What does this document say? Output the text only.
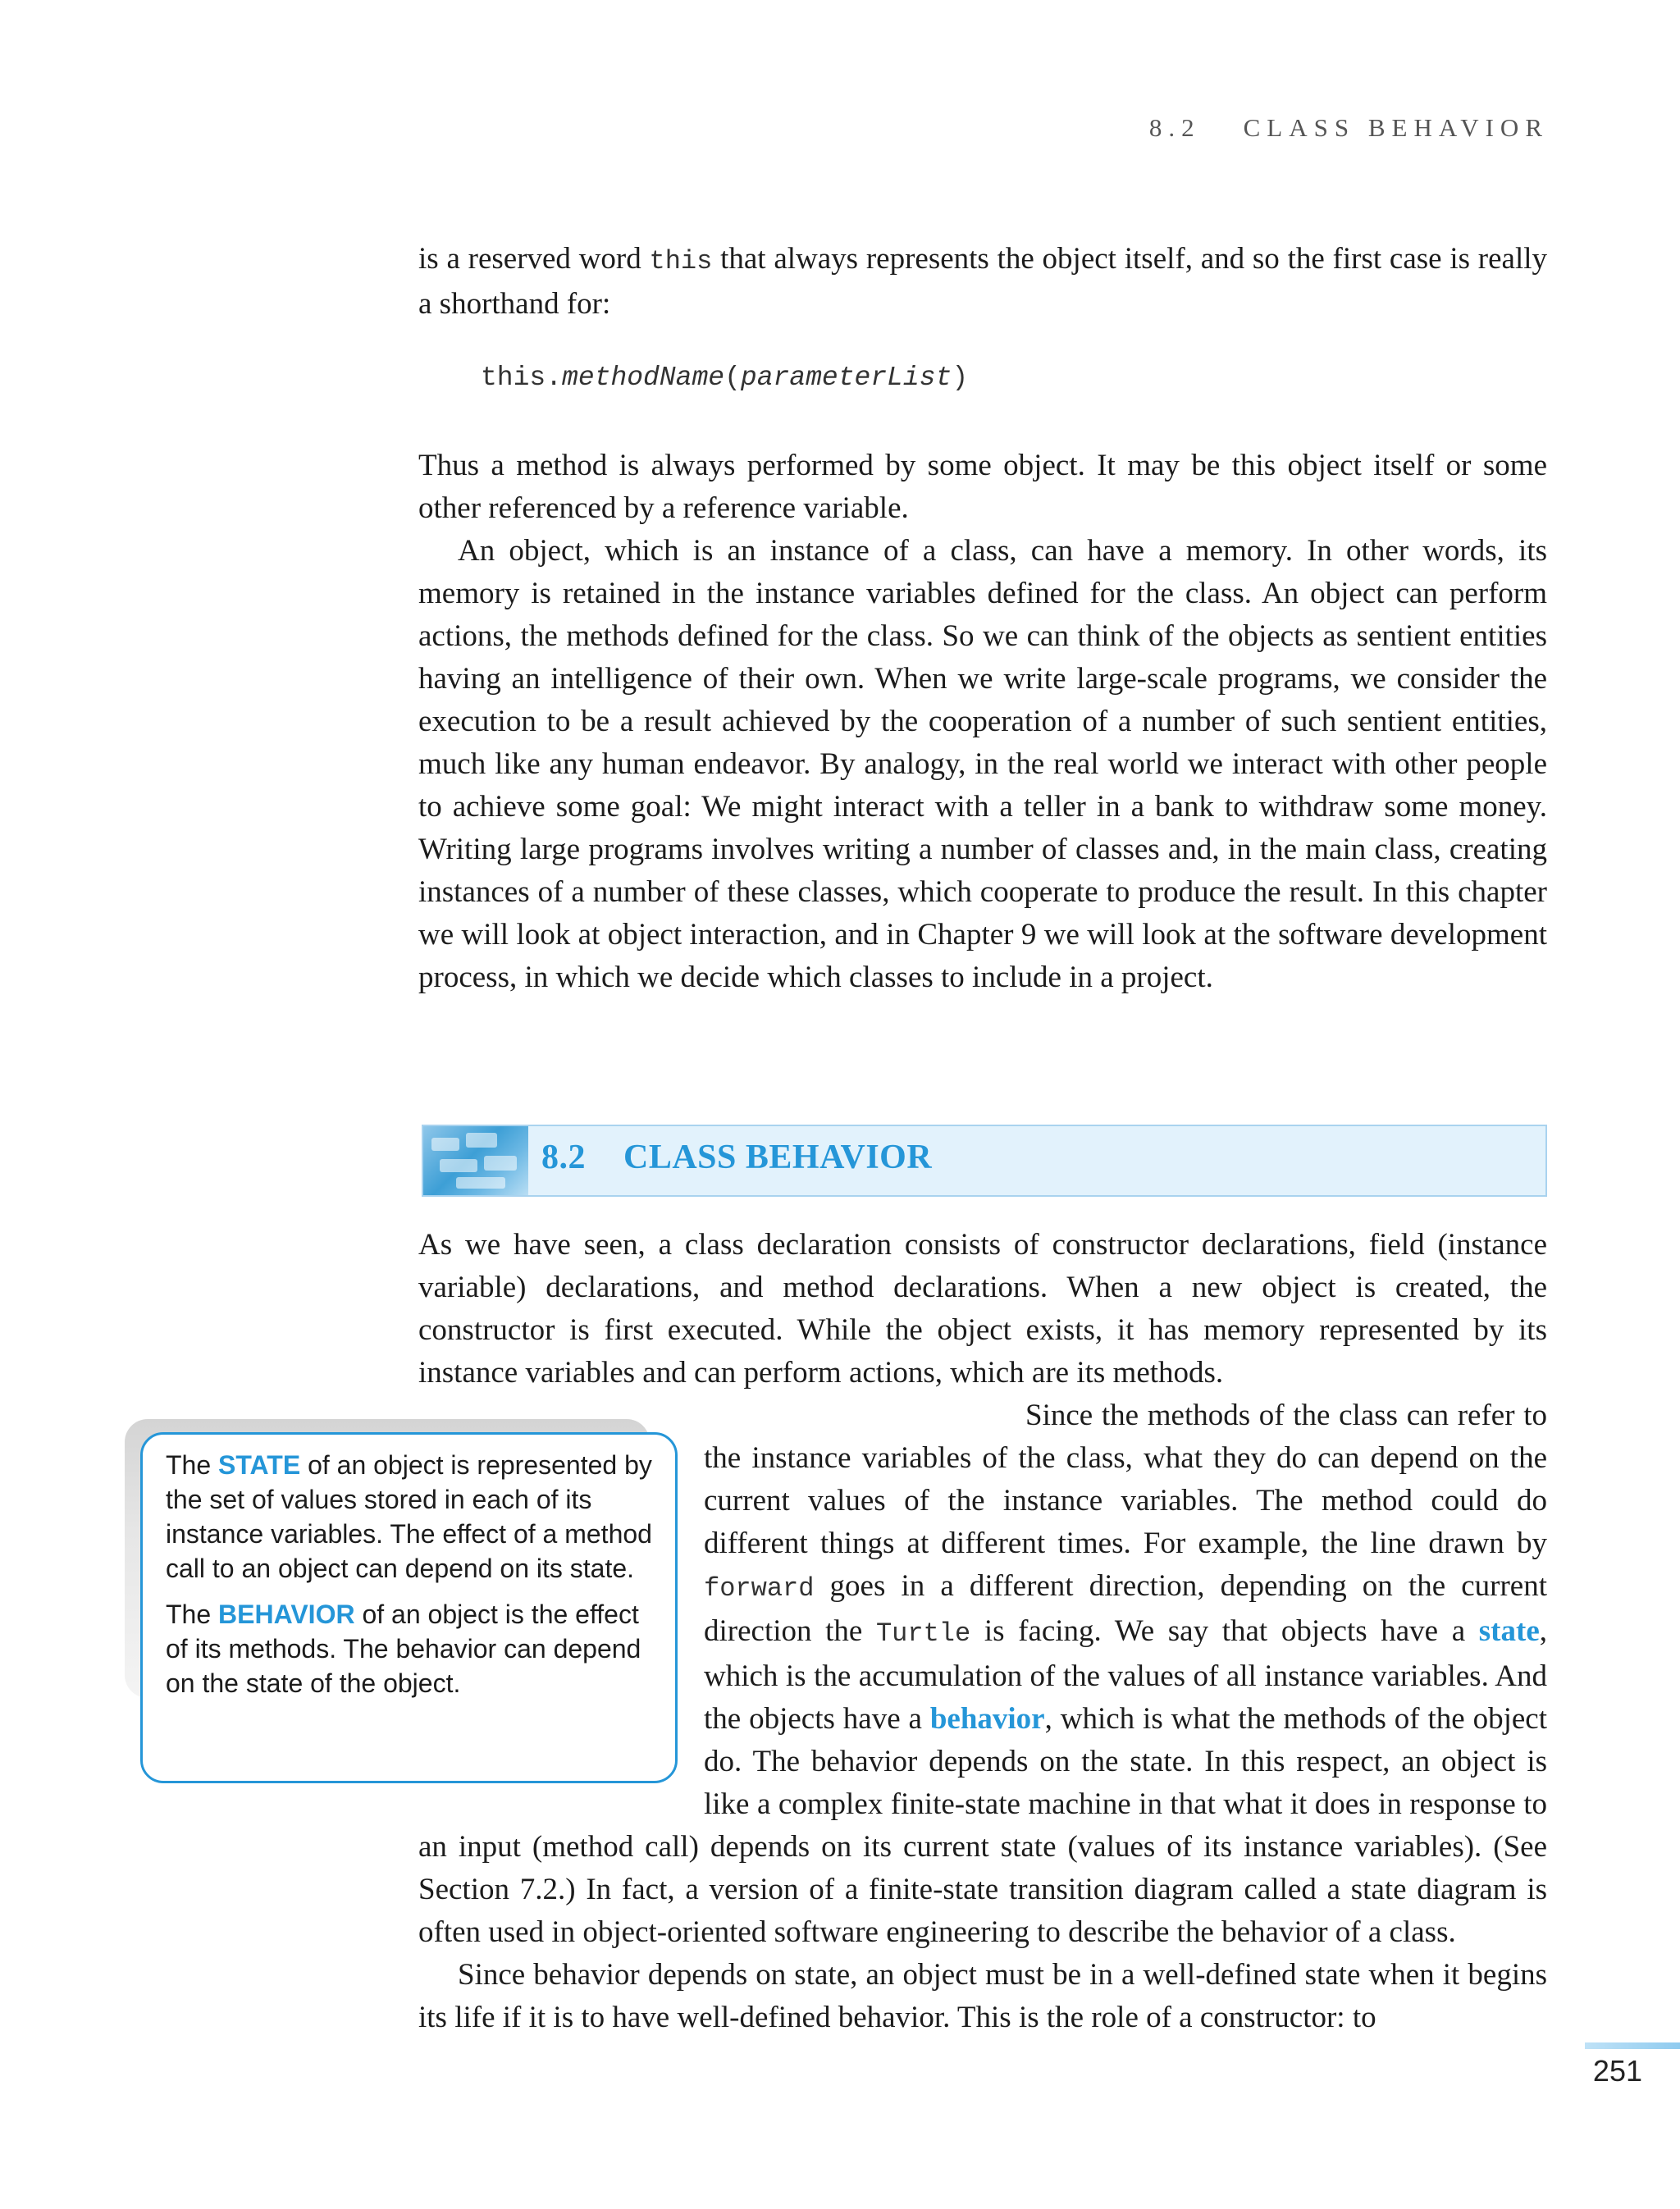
8.2 CLASS BEHAVIOR

is a reserved word this that always represents the object itself, and so the first case is really a shorthand for:

this.methodName(parameterList)

Thus a method is always performed by some object. It may be this object itself or some other referenced by a reference variable.

An object, which is an instance of a class, can have a memory. In other words, its memory is retained in the instance variables defined for the class. An object can perform actions, the methods defined for the class. So we can think of the objects as sentient entities having an intelligence of their own. When we write large-scale programs, we consider the execution to be a result achieved by the cooperation of a number of such sentient entities, much like any human endeavor. By analogy, in the real world we interact with other people to achieve some goal: We might interact with a teller in a bank to withdraw some money. Writing large programs involves writing a number of classes and, in the main class, creating instances of a number of these classes, which cooperate to produce the result. In this chapter we will look at object interaction, and in Chapter 9 we will look at the software development process, in which we decide which classes to include in a project.

8.2 CLASS BEHAVIOR

As we have seen, a class declaration consists of constructor declarations, field (instance variable) declarations, and method declarations. When a new object is created, the constructor is first executed. While the object exists, it has memory represented by its instance variables and can perform actions, which are its methods.

Since the methods of the class can refer to the instance variables of the class, what they do can depend on the current values of the instance variables. The method could do different things at different times. For example, the line drawn by forward goes in a different direction, depending on the current direction the Turtle is facing. We say that objects have a state, which is the accumulation of the values of all instance variables. And the objects have a behavior, which is what the methods of the object do. The behavior depends on the state. In this respect, an object is like a complex finite-state machine in that what it does in response to an input (method call) depends on its current state (values of its instance variables). (See Section 7.2.) In fact, a version of a finite-state transition diagram called a state diagram is often used in object-oriented software engineering to describe the behavior of a class.

Since behavior depends on state, an object must be in a well-defined state when it begins its life if it is to have well-defined behavior. This is the role of a constructor: to

The STATE of an object is represented by the set of values stored in each of its instance variables. The effect of a method call to an object can depend on its state.

The BEHAVIOR of an object is the effect of its methods. The behavior can depend on the state of the object.

251
